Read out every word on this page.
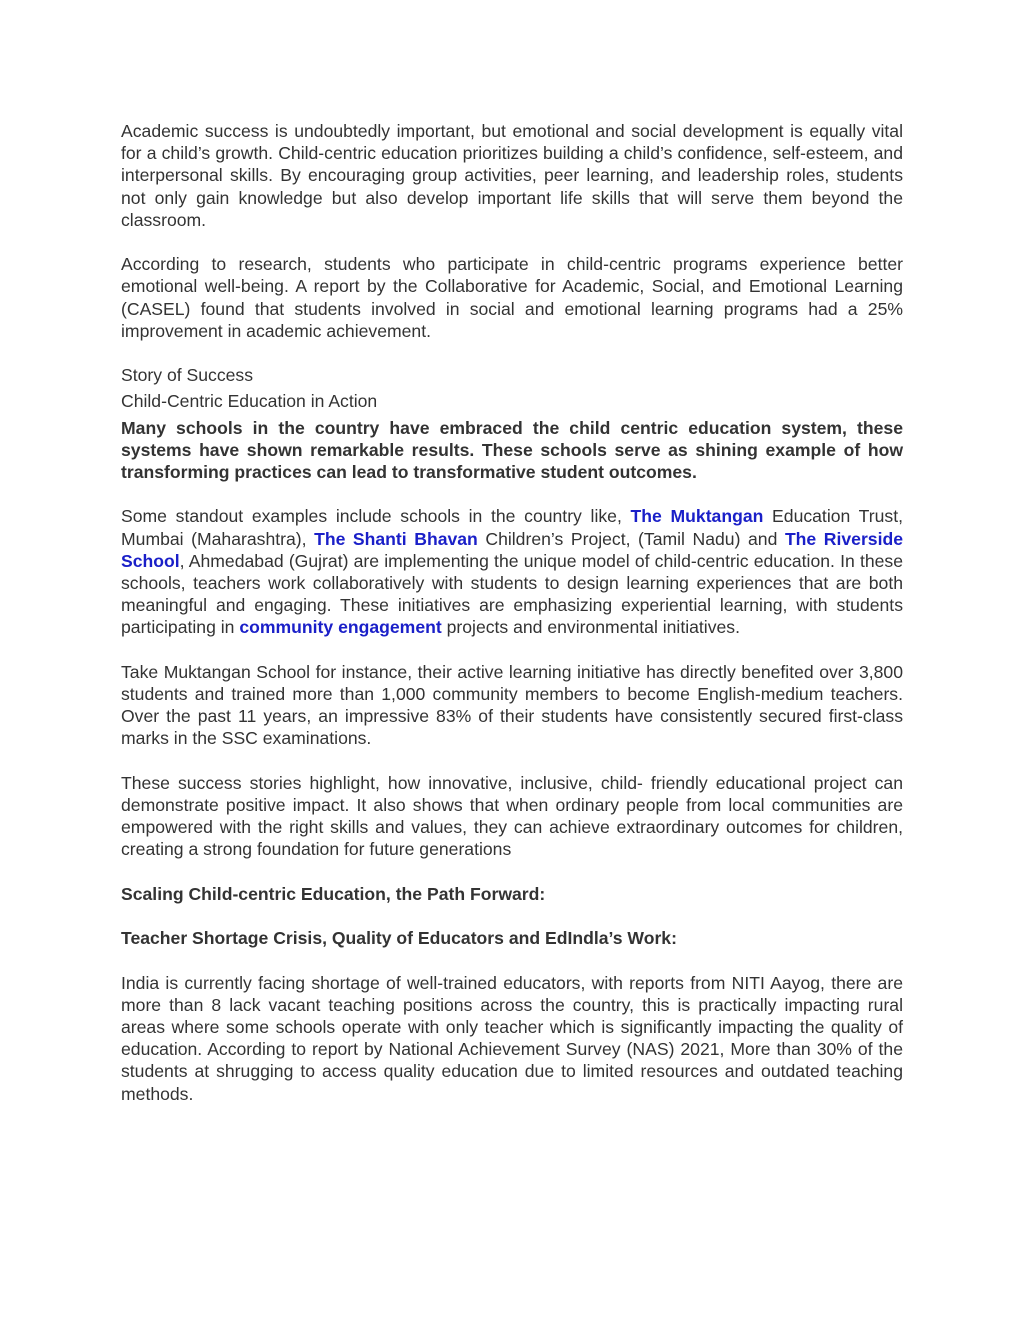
Academic success is undoubtedly important, but emotional and social development is equally vital for a child’s growth. Child-centric education prioritizes building a child’s confidence, self-esteem, and interpersonal skills. By encouraging group activities, peer learning, and leadership roles, students not only gain knowledge but also develop important life skills that will serve them beyond the classroom.

According to research, students who participate in child-centric programs experience better emotional well-being. A report by the Collaborative for Academic, Social, and Emotional Learning (CASEL) found that students involved in social and emotional learning programs had a 25% improvement in academic achievement.

Story of Success

Child-Centric Education in Action

Many schools in the country have embraced the child centric education system, these systems have shown remarkable results. These schools serve as shining example of how transforming practices can lead to transformative student outcomes.

Some standout examples include schools in the country like, The Muktangan Education Trust, Mumbai (Maharashtra), The Shanti Bhavan Children’s Project, (Tamil Nadu) and The Riverside School, Ahmedabad (Gujrat) are implementing the unique model of child-centric education. In these schools, teachers work collaboratively with students to design learning experiences that are both meaningful and engaging. These initiatives are emphasizing experiential learning, with students participating in community engagement projects and environmental initiatives.

Take Muktangan School for instance, their active learning initiative has directly benefited over 3,800 students and trained more than 1,000 community members to become English-medium teachers. Over the past 11 years, an impressive 83% of their students have consistently secured first-class marks in the SSC examinations.

These success stories highlight, how innovative, inclusive, child- friendly educational project can demonstrate positive impact. It also shows that when ordinary people from local communities are empowered with the right skills and values, they can achieve extraordinary outcomes for children, creating a strong foundation for future generations

Scaling Child-centric Education, the Path Forward:

Teacher Shortage Crisis, Quality of Educators and EdIndla’s Work:

India is currently facing shortage of well-trained educators, with reports from NITI Aayog, there are more than 8 lack vacant teaching positions across the country, this is practically impacting rural areas where some schools operate with only teacher which is significantly impacting the quality of education. According to report by National Achievement Survey (NAS) 2021, More than 30% of the students at shrugging to access quality education due to limited resources and outdated teaching methods.
